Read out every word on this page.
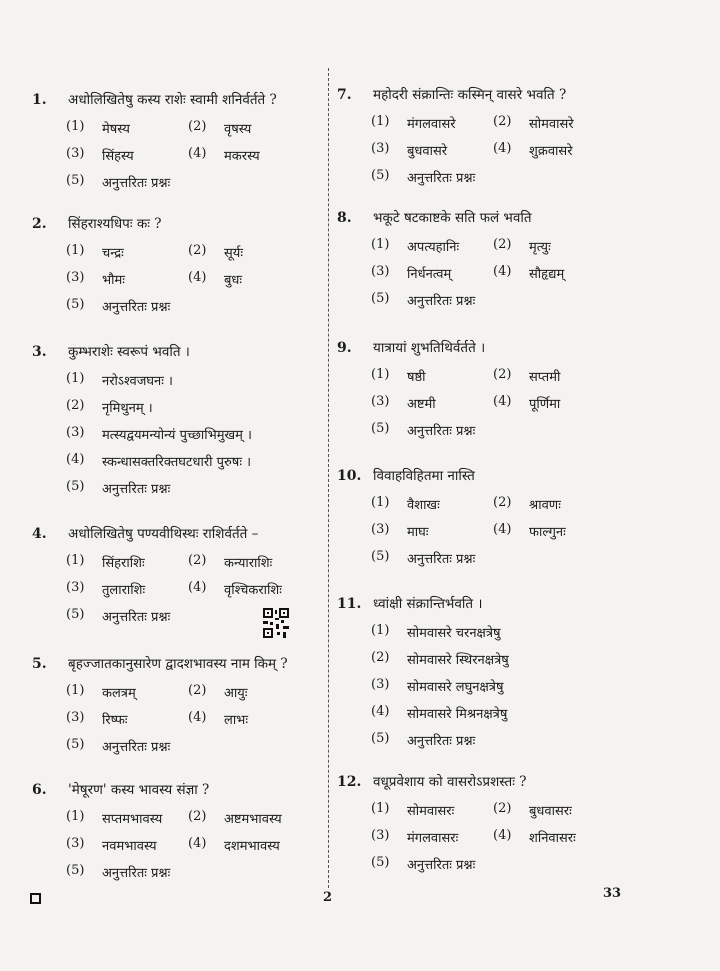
1.	अधोलिखितेषु कस्य राशेः स्वामी शनिर्वर्तते ?
(1)	मेषस्य	(2)	वृषस्य
(3)	सिंहस्य	(4)	मकरस्य
(5)	अनुत्तरितः प्रश्नः
2.	सिंहराश्यधिपः कः ?
(1)	चन्द्रः	(2)	सूर्यः
(3)	भौमः	(4)	बुधः
(5)	अनुत्तरितः प्रश्नः
3.	कुम्भराशेः स्वरूपं भवति ।
(1)	नरोऽश्वजघनः ।
(2)	नृमिथुनम् ।
(3)	मत्स्यद्वयमन्योन्यं पुच्छाभिमुखम् ।
(4)	स्कन्धासक्तरिक्तघटधारी पुरुषः ।
(5)	अनुत्तरितः प्रश्नः
4.	अधोलिखितेषु पण्यवीथिस्थः राशिर्वर्तते –
(1)	सिंहराशिः	(2)	कन्याराशिः
(3)	तुलाराशिः	(4)	वृश्चिकराशिः
(5)	अनुत्तरितः प्रश्नः
5.	बृहज्जातकानुसारेण द्वादशभावस्य नाम किम् ?
(1)	कलत्रम्	(2)	आयुः
(3)	रिष्फः	(4)	लाभः
(5)	अनुत्तरितः प्रश्नः
6.	'मेषूरण' कस्य भावस्य संज्ञा ?
(1)	सप्तमभावस्य (2)	अष्टमभावस्य
(3)	नवमभावस्य (4)	दशमभावस्य
(5)	अनुत्तरितः प्रश्नः
7.	महोदरी संक्रान्तिः कस्मिन् वासरे भवति ?
(1)	मंगलवासरे	(2)	सोमवासरे
(3)	बुधवासरे	(4)	शुक्रवासरे
(5)	अनुत्तरितः प्रश्नः
8.	भकूटे षटकाष्टके सति फलं भवति
(1)	अपत्यहानिः	(2)	मृत्युः
(3)	निर्धनत्वम्	(4)	सौहृद्यम्
(5)	अनुत्तरितः प्रश्नः
9.	यात्रायां शुभतिथिर्वर्तते ।
(1)	षष्ठी	(2)	सप्तमी
(3)	अष्टमी	(4)	पूर्णिमा
(5)	अनुत्तरितः प्रश्नः
10. विवाहविहितमा नास्ति
(1)	वैशाखः	(2)	श्रावणः
(3)	माघः	(4)	फाल्गुनः
(5)	अनुत्तरितः प्रश्नः
11. ध्वांक्षी संक्रान्तिर्भवति ।
(1)	सोमवासरे चरनक्षत्रेषु
(2)	सोमवासरे स्थिरनक्षत्रेषु
(3)	सोमवासरे लघुनक्षत्रेषु
(4)	सोमवासरे मिश्रनक्षत्रेषु
(5)	अनुत्तरितः प्रश्नः
12. वधूप्रवेशाय को वासरोऽप्रशस्तः ?
(1)	सोमवासरः	(2)	बुधवासरः
(3)	मंगलवासरः	(4)	शनिवासरः
(5)	अनुत्तरितः प्रश्नः
2	33
